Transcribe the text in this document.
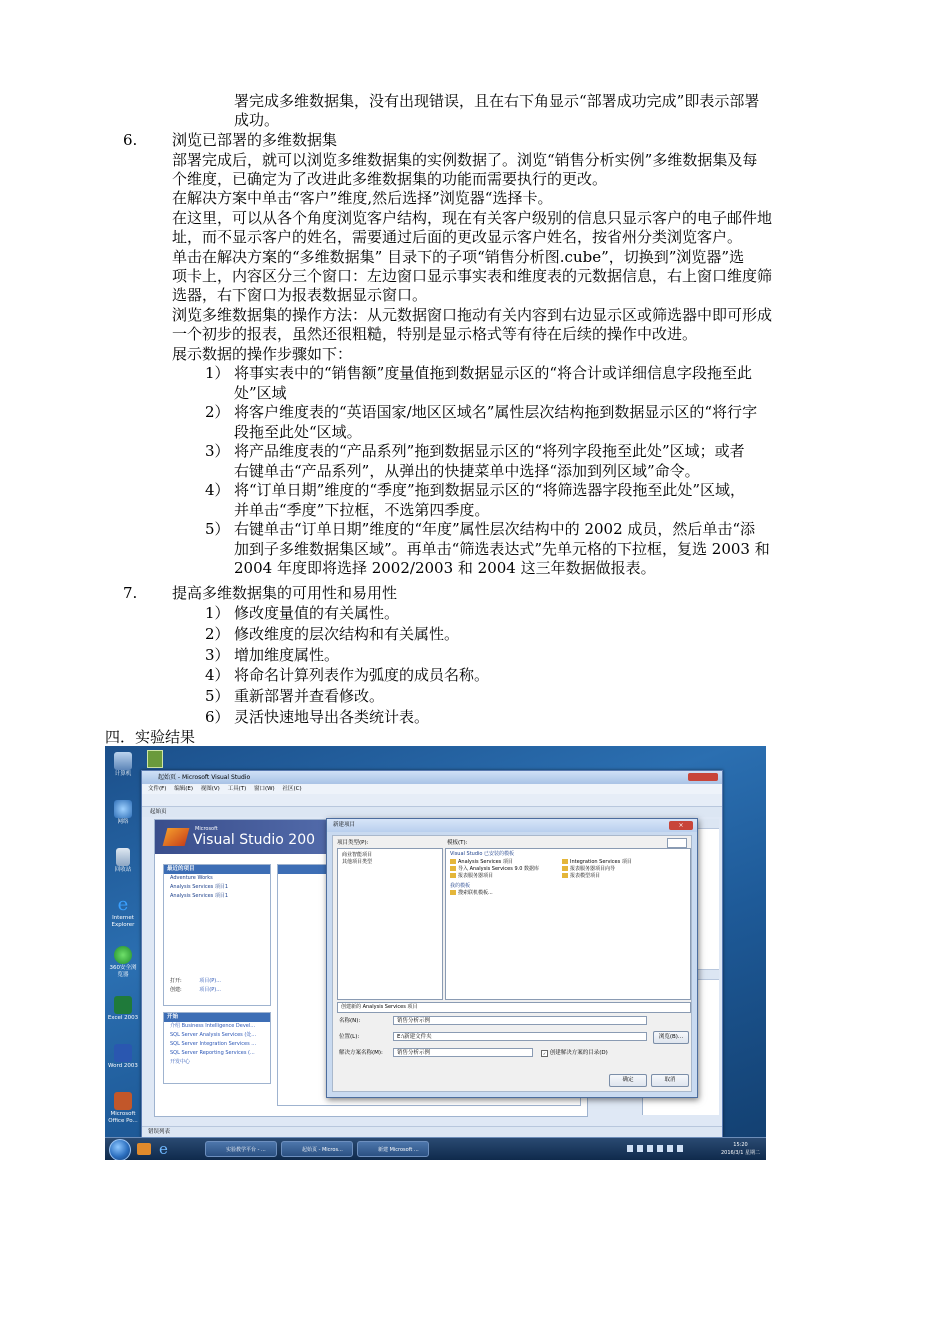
署完成多维数据集，没有出现错误，且在右下角显示“部署成功完成”即表示部署
成功。
6. 浏览已部署的多维数据集
部署完成后，就可以浏览多维数据集的实例数据了。浏览“销售分析实例”多维数据集及每
个维度，已确定为了改进此多维数据集的功能而需要执行的更改。
在解决方案中单击“客户”维度,然后选择”浏览器“选择卡。
在这里，可以从各个角度浏览客户结构，现在有关客户级别的信息只显示客户的电子邮件地
址，而不显示客户的姓名，需要通过后面的更改显示客户姓名，按省州分类浏览客户。
单击在解决方案的“多维数据集” 目录下的子项“销售分析图.cube”，切换到”浏览器”选
项卡上，内容区分三个窗口：左边窗口显示事实表和维度表的元数据信息，右上窗口维度筛
选器，右下窗口为报表数据显示窗口。
浏览多维数据集的操作方法：从元数据窗口拖动有关内容到右边显示区或筛选器中即可形成
一个初步的报表，虽然还很粗糙，特别是显示格式等有待在后续的操作中改进。
展示数据的操作步骤如下：
1） 将事实表中的“销售额”度量值拖到数据显示区的“将合计或详细信息字段拖至此
处”区域
2） 将客户维度表的“英语国家/地区区域名”属性层次结构拖到数据显示区的“将行字
段拖至此处“区域。
3） 将产品维度表的“产品系列”拖到数据显示区的“将列字段拖至此处”区域；或者
右键单击“产品系列”，从弹出的快捷菜单中选择“添加到列区域”命令。
4） 将“订单日期”维度的“季度”拖到数据显示区的“将筛选器字段拖至此处”区域，
并单击“季度”下拉框，不选第四季度。
5） 右键单击“订单日期”维度的“年度”属性层次结构中的 2002 成员，然后单击“添
加到子多维数据集区域”。再单击“筛选表达式”先单元格的下拉框，复选 2003 和
2004 年度即将选择 2002/2003 和 2004 这三年数据做报表。
7. 提高多维数据集的可用性和易用性
1） 修改度量值的有关属性。
2） 修改维度的层次结构和有关属性。
3） 增加维度属性。
4） 将命名计算列表作为弧度的成员名称。
5） 重新部署并查看修改。
6） 灵活快速地导出各类统计表。
四．实验结果
计算机
网络
回收站
e
Internet Explorer
360安全浏览器
Excel 2003
Word 2003
Microsoft Office Po...
起始页 - Microsoft Visual Studio
文件(F) 编辑(E) 视图(V) 工具(T) 窗口(W) 社区(C)
起始页
Microsoft
Visual Studio 200
最近的项目
Adventure Works
Analysis Services 项目1
Analysis Services 项目1
打开:	项目(P)...
创建:	项目(P)...
开始
介绍 Business Intelligence Devel...
SQL Server Analysis Services (处...
SQL Server Integration Services ...
SQL Server Reporting Services (...
开发中心
错误列表
新建项目	×
项目类型(P):	模板(T):
商业智能项目
其他项目类型
Visual Studio 已安装的模板
Analysis Services 项目	Integration Services 项目
导入 Analysis Services 9.0 数据库	报表服务器项目向导
报表服务器项目	报表模型项目
我的模板
搜索联机模板...
创建新的 Analysis Services 项目
名称(N):	销售分析示例
位置(L):	E:\新建文件夹	浏览(B)...
解决方案名称(M):	销售分析示例	✓ 创建解决方案的目录(D)
确定	取消
e	实验教学平台 - ...	起始页 - Micros...	新建 Microsoft ...
15:20
2016/3/1 星期二
